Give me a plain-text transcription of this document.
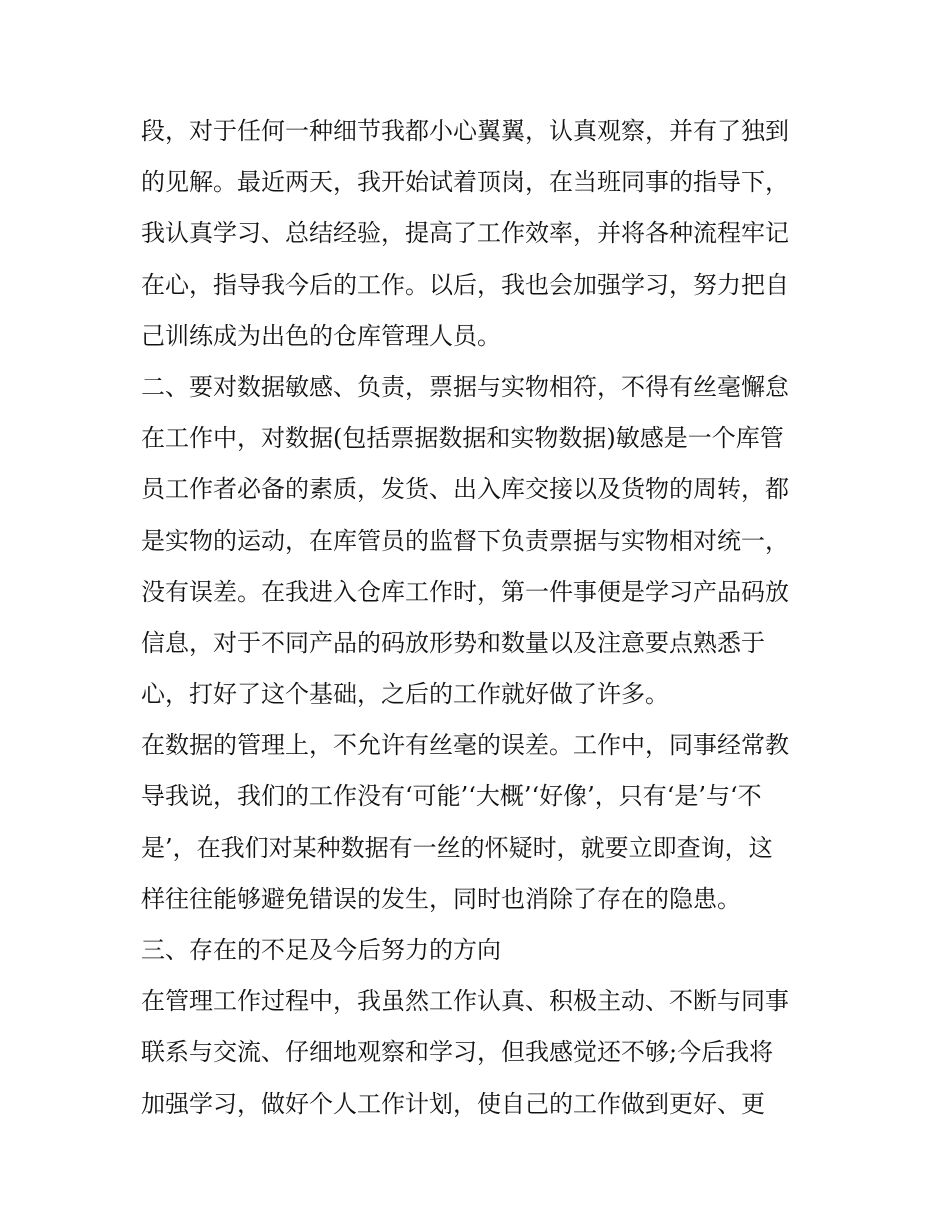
段，对于任何一种细节我都小心翼翼，认真观察，并有了独到
的见解。最近两天，我开始试着顶岗，在当班同事的指导下，
我认真学习、总结经验，提高了工作效率，并将各种流程牢记
在心，指导我今后的工作。以后，我也会加强学习，努力把自
己训练成为出色的仓库管理人员。
二、要对数据敏感、负责，票据与实物相符，不得有丝毫懈怠
在工作中，对数据(包括票据数据和实物数据)敏感是一个库管
员工作者必备的素质，发货、出入库交接以及货物的周转，都
是实物的运动，在库管员的监督下负责票据与实物相对统一，
没有误差。在我进入仓库工作时，第一件事便是学习产品码放
信息，对于不同产品的码放形势和数量以及注意要点熟悉于
心，打好了这个基础，之后的工作就好做了许多。
在数据的管理上，不允许有丝毫的误差。工作中，同事经常教
导我说，我们的工作没有‘可能’‘大概’‘好像’，只有‘是’与‘不
是’，在我们对某种数据有一丝的怀疑时，就要立即查询，这
样往往能够避免错误的发生，同时也消除了存在的隐患。
三、存在的不足及今后努力的方向
在管理工作过程中，我虽然工作认真、积极主动、不断与同事
联系与交流、仔细地观察和学习，但我感觉还不够;今后我将
加强学习，做好个人工作计划，使自己的工作做到更好、更
